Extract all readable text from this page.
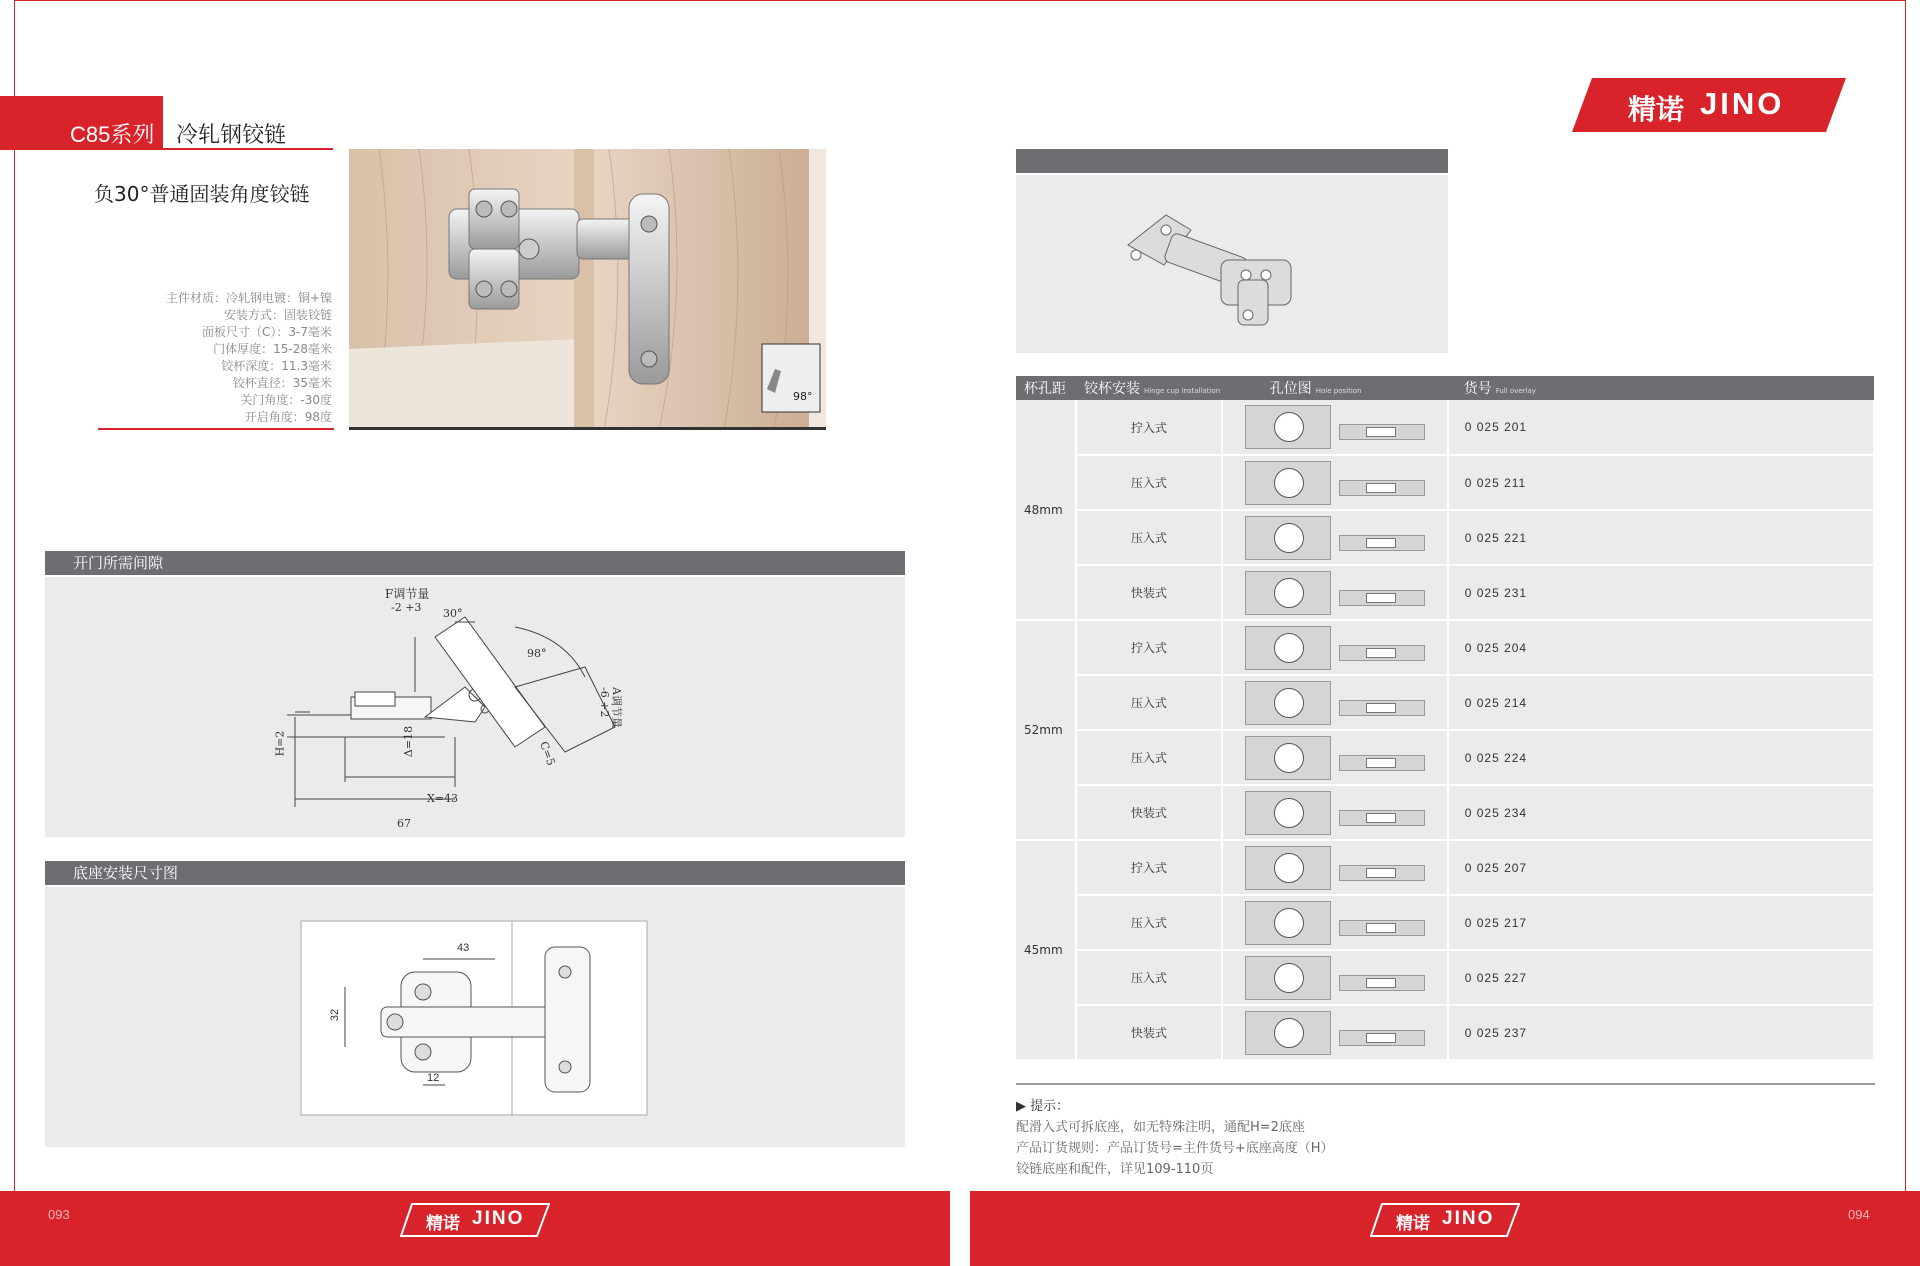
C85系列 冷轧钢铰链
负30°普通固装角度铰链
主件材质：冷轧钢电镀：铜+镍
安装方式：固装铰链
面板尺寸（C）：3-7毫米
门体厚度：15-28毫米
铰杯深度：11.3毫米
铰杯直径：35毫米
关门角度：-30度
开启角度：98度
98°
开门所需间隙
F调节量
-2 +3 30°
98°
A调节量
-6 +2
H=2	Δ=18	C=5
X=43
67
底座安装尺寸图
43
32
12
精诺 JINO
杯孔距	铰杯安装 Hinge cup installation	孔位图 Hole position	货号 Full overlay
48mm	拧入式		0 025 201
	压入式		0 025 211
	压入式		0 025 221
	快装式		0 025 231
52mm	拧入式		0 025 204
	压入式		0 025 214
	压入式		0 025 224
	快装式		0 025 234
45mm	拧入式		0 025 207
	压入式		0 025 217
	压入式		0 025 227
	快装式		0 025 237
▶ 提示：
配滑入式可拆底座，如无特殊注明，通配H=2底座
产品订货规则：产品订货号=主件货号+底座高度（H）
铰链底座和配件，详见109-110页
093	094
精诺 JINO	精诺 JINO
